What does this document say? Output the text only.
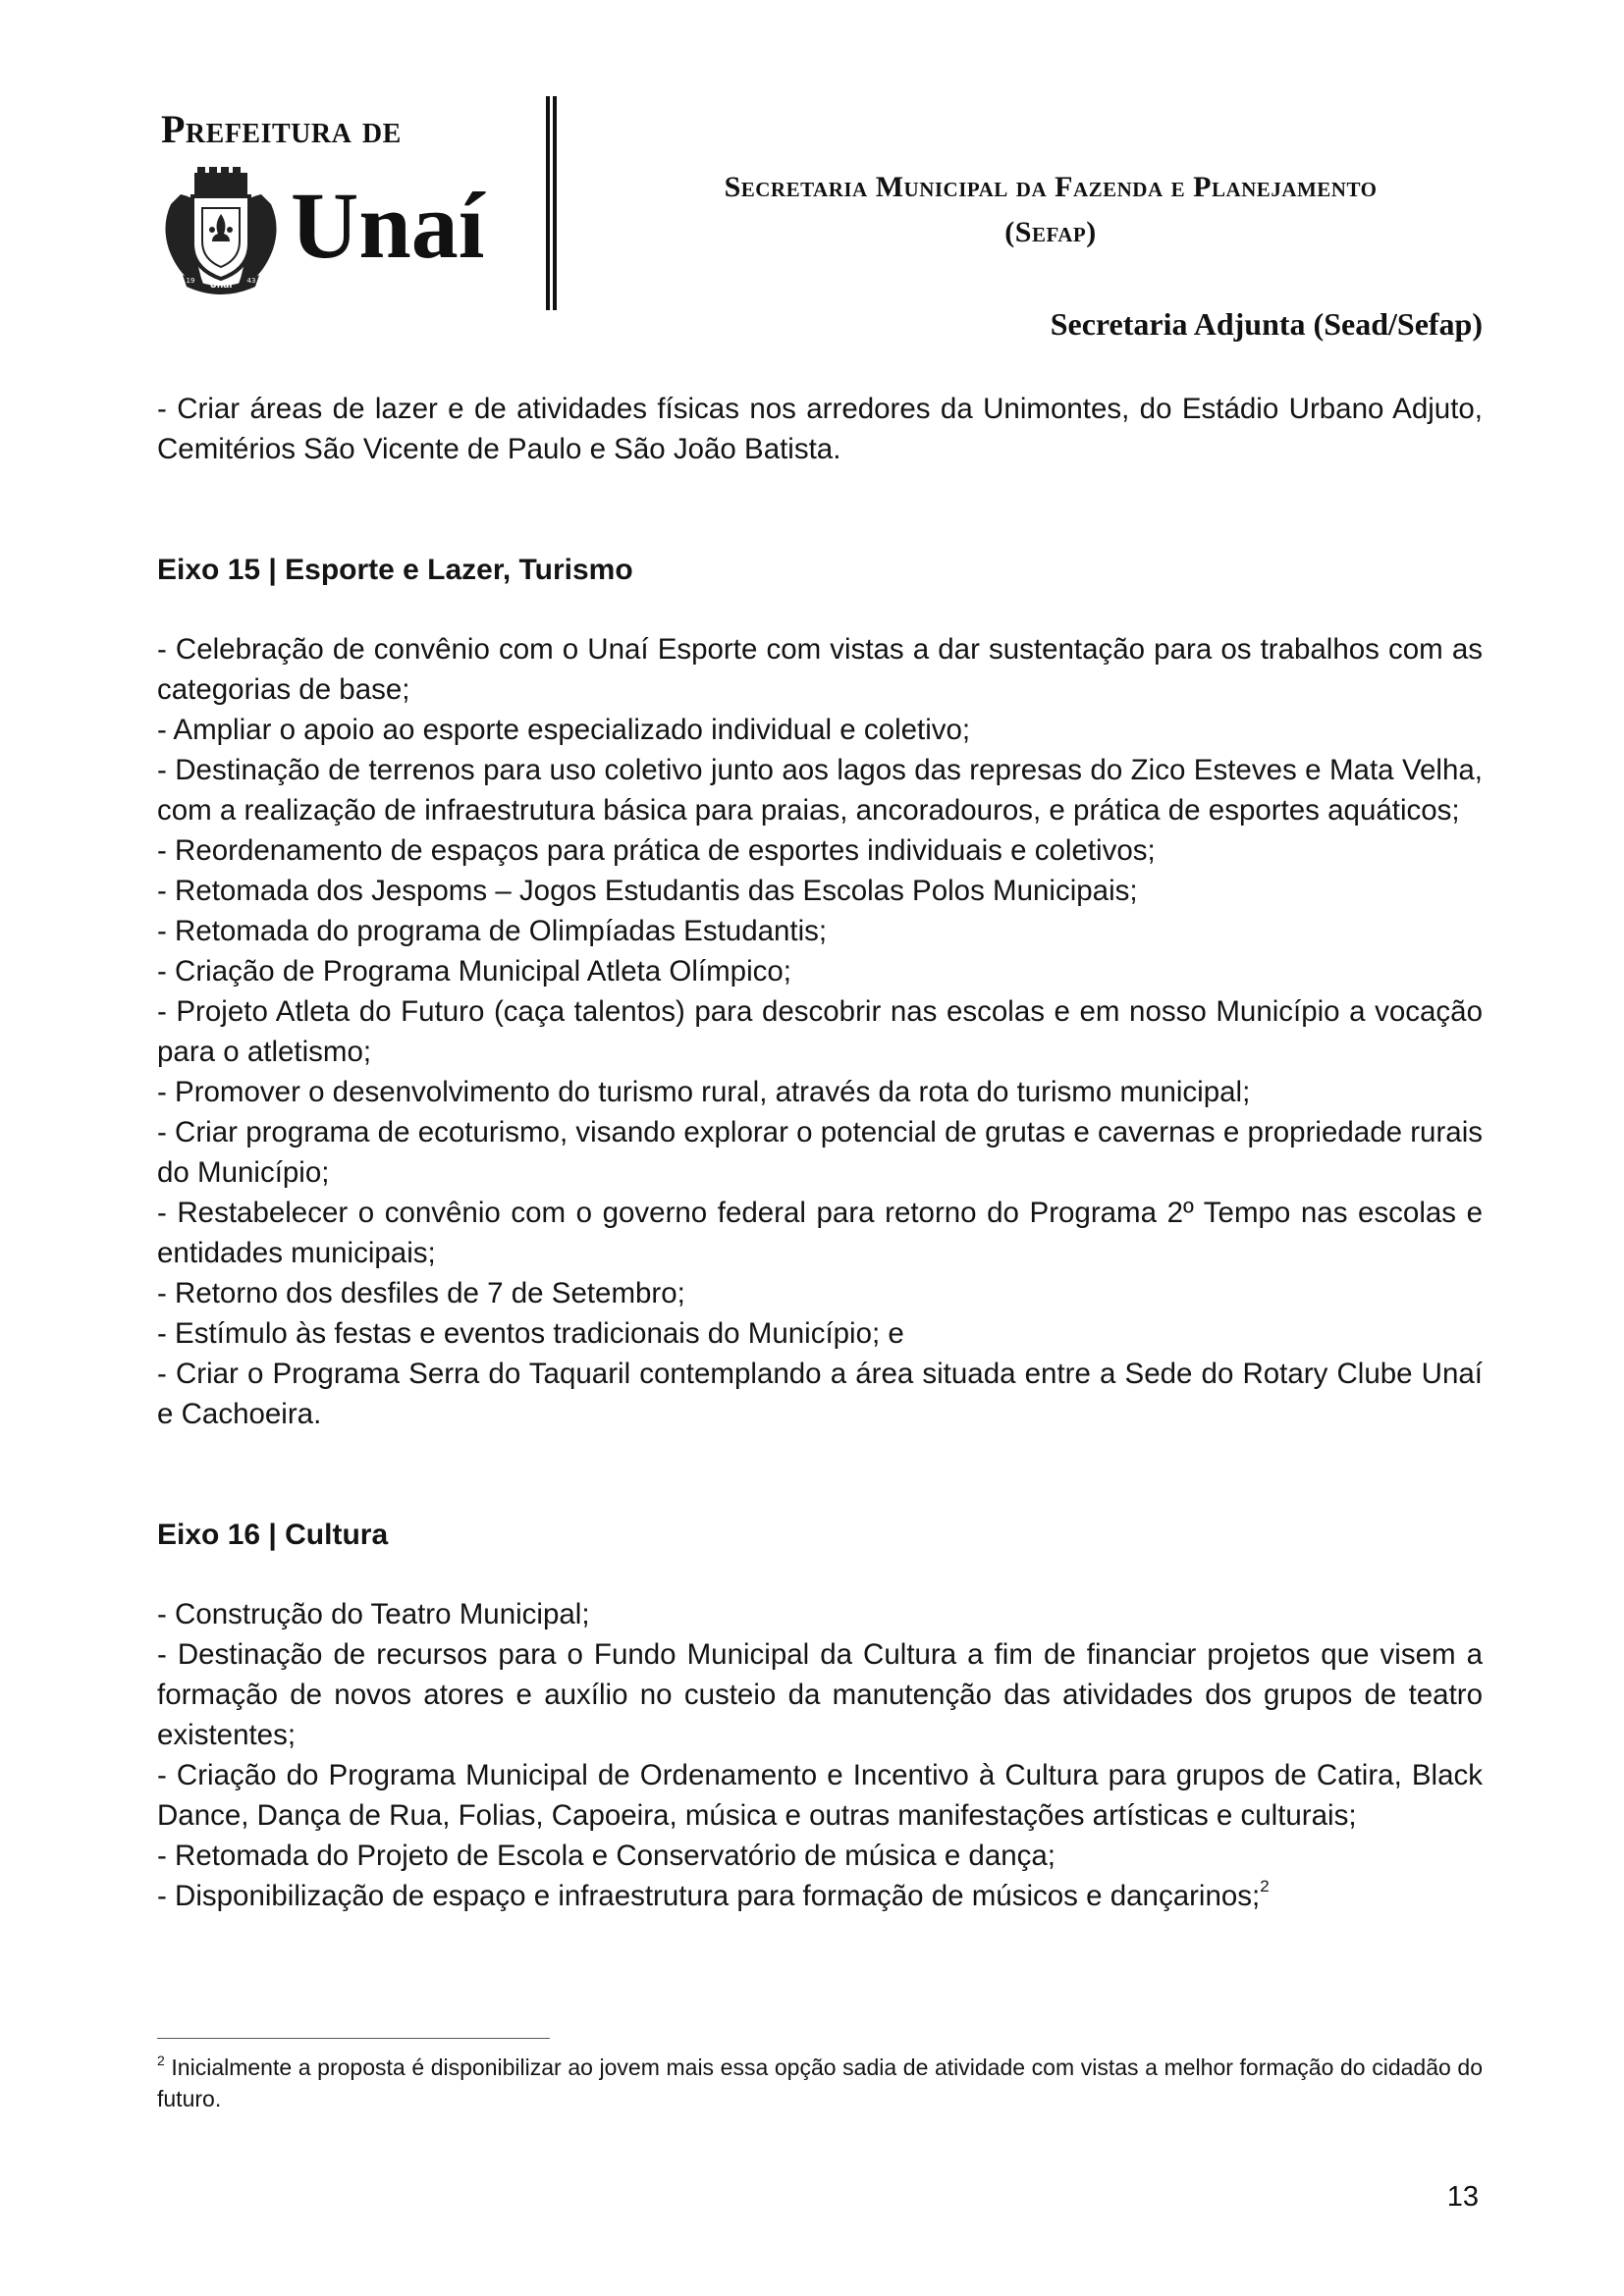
Prefeitura de
Unaí
19	43
Unaí	Secretaria Municipal da Fazenda e Planejamento
(Sefap)
Secretaria Adjunta (Sead/Sefap)

- Criar áreas de lazer e de atividades físicas nos arredores da Unimontes, do Estádio Urbano Adjuto, Cemitérios São Vicente de Paulo e São João Batista.

Eixo 15 | Esporte e Lazer, Turismo

- Celebração de convênio com o Unaí Esporte com vistas a dar sustentação para os trabalhos com as categorias de base;

- Ampliar o apoio ao esporte especializado individual e coletivo;

- Destinação de terrenos para uso coletivo junto aos lagos das represas do Zico Esteves e Mata Velha, com a realização de infraestrutura básica para praias, ancoradouros, e prática de esportes aquáticos;

- Reordenamento de espaços para prática de esportes individuais e coletivos;

- Retomada dos Jespoms – Jogos Estudantis das Escolas Polos Municipais;

- Retomada do programa de Olimpíadas Estudantis;

- Criação de Programa Municipal Atleta Olímpico;

- Projeto Atleta do Futuro (caça talentos) para descobrir nas escolas e em nosso Município a vocação para o atletismo;

- Promover o desenvolvimento do turismo rural, através da rota do turismo municipal;

- Criar programa de ecoturismo, visando explorar o potencial de grutas e cavernas e propriedade rurais do Município;

- Restabelecer o convênio com o governo federal para retorno do Programa 2º Tempo nas escolas e entidades municipais;

- Retorno dos desfiles de 7 de Setembro;

- Estímulo às festas e eventos tradicionais do Município; e

- Criar o Programa Serra do Taquaril contemplando a área situada entre a Sede do Rotary Clube Unaí e Cachoeira.

Eixo 16 | Cultura

- Construção do Teatro Municipal;

- Destinação de recursos para o Fundo Municipal da Cultura a fim de financiar projetos que visem a formação de novos atores e auxílio no custeio da manutenção das atividades dos grupos de teatro existentes;

- Criação do Programa Municipal de Ordenamento e Incentivo à Cultura para grupos de Catira, Black Dance, Dança de Rua, Folias, Capoeira, música e outras manifestações artísticas e culturais;

- Retomada do Projeto de Escola e Conservatório de música e dança;

- Disponibilização de espaço e infraestrutura para formação de músicos e dançarinos;$^2$

$^2$ Inicialmente a proposta é disponibilizar ao jovem mais essa opção sadia de atividade com vistas a melhor formação do cidadão do futuro.
13
